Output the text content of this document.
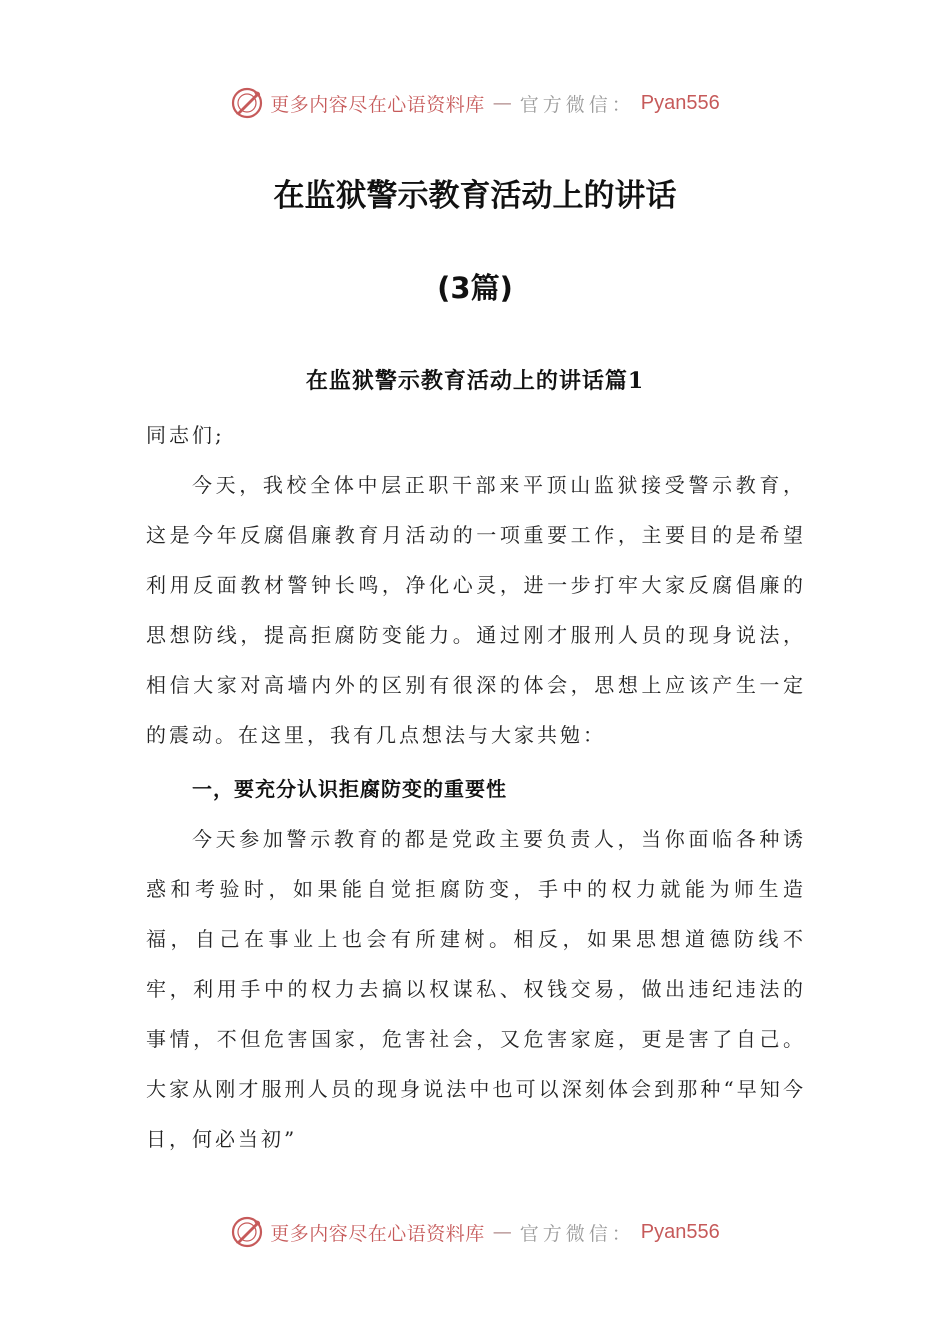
更多内容尽在心语资料库 — 官方微信： Pyan556
在监狱警示教育活动上的讲话
(3篇)
在监狱警示教育活动上的讲话篇1
同志们;
今天，我校全体中层正职干部来平顶山监狱接受警示教育，这是今年反腐倡廉教育月活动的一项重要工作，主要目的是希望利用反面教材警钟长鸣，净化心灵，进一步打牢大家反腐倡廉的思想防线，提高拒腐防变能力。通过刚才服刑人员的现身说法，相信大家对高墙内外的区别有很深的体会，思想上应该产生一定的震动。在这里，我有几点想法与大家共勉：
一，要充分认识拒腐防变的重要性
今天参加警示教育的都是党政主要负责人，当你面临各种诱惑和考验时，如果能自觉拒腐防变，手中的权力就能为师生造福，自己在事业上也会有所建树。相反，如果思想道德防线不牢，利用手中的权力去搞以权谋私、权钱交易，做出违纪违法的事情，不但危害国家，危害社会，又危害家庭，更是害了自己。大家从刚才服刑人员的现身说法中也可以深刻体会到那种“早知今日，何必当初”
更多内容尽在心语资料库 — 官方微信： Pyan556
